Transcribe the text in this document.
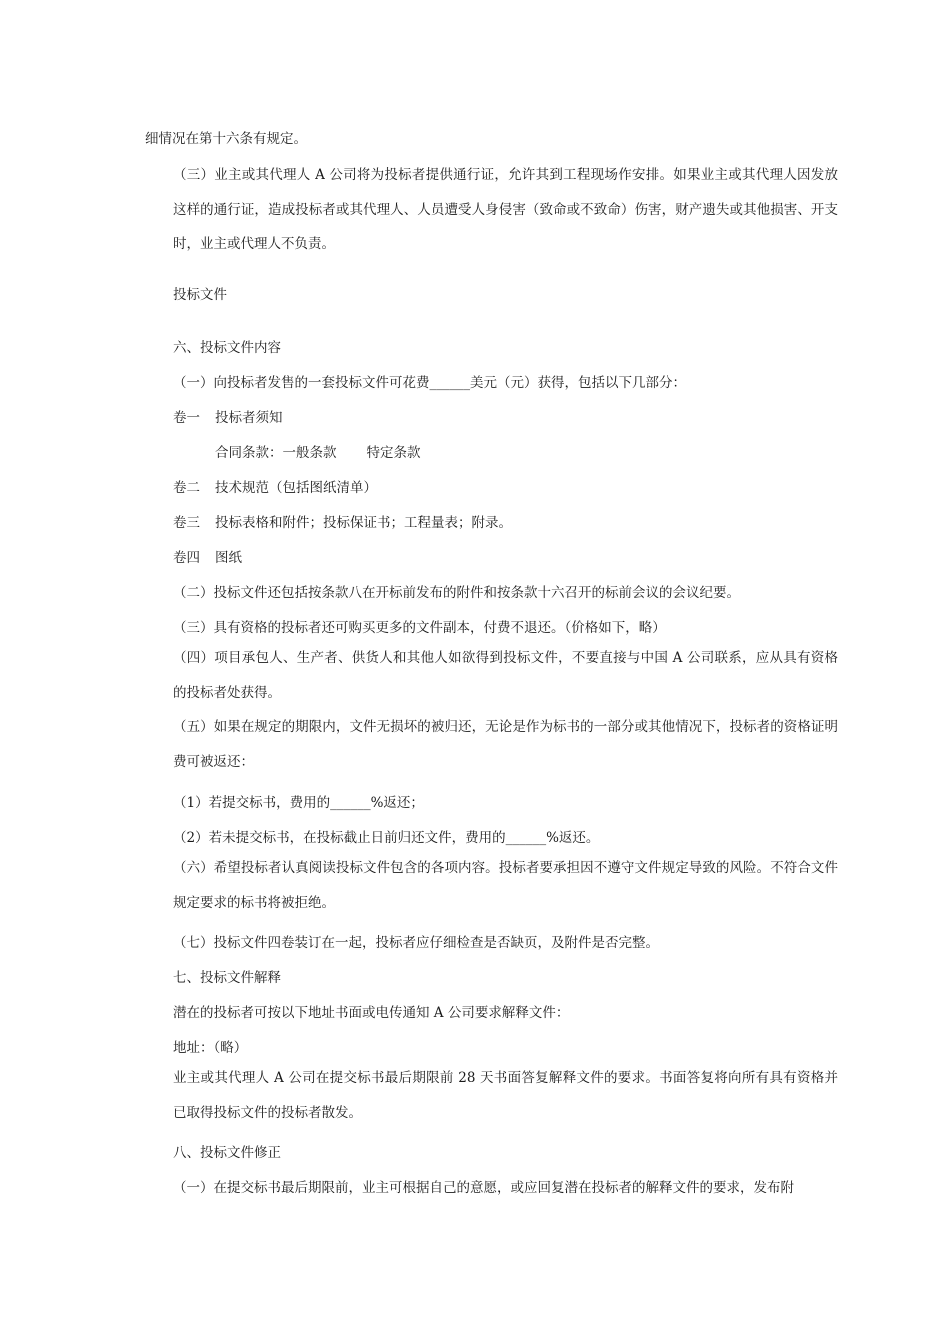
细情况在第十六条有规定。
（三）业主或其代理人 A 公司将为投标者提供通行证，允许其到工程现场作安排。如果业主或其代理人因发放这样的通行证，造成投标者或其代理人、人员遭受人身侵害（致命或不致命）伤害，财产遗失或其他损害、开支时，业主或代理人不负责。
投标文件
六、投标文件内容
（一）向投标者发售的一套投标文件可花费______美元（元）获得，包括以下几部分：
卷一 投标者须知
合同条款：一般条款 特定条款
卷二 技术规范（包括图纸清单）
卷三 投标表格和附件；投标保证书；工程量表；附录。
卷四 图纸
（二）投标文件还包括按条款八在开标前发布的附件和按条款十六召开的标前会议的会议纪要。
（三）具有资格的投标者还可购买更多的文件副本，付费不退还。（价格如下，略）
（四）项目承包人、生产者、供货人和其他人如欲得到投标文件，不要直接与中国 A 公司联系，应从具有资格的投标者处获得。
（五）如果在规定的期限内，文件无损坏的被归还，无论是作为标书的一部分或其他情况下，投标者的资格证明费可被返还：
（1）若提交标书，费用的______%返还；
（2）若未提交标书，在投标截止日前归还文件，费用的______%返还。
（六）希望投标者认真阅读投标文件包含的各项内容。投标者要承担因不遵守文件规定导致的风险。不符合文件规定要求的标书将被拒绝。
（七）投标文件四卷装订在一起，投标者应仔细检查是否缺页，及附件是否完整。
七、投标文件解释
潜在的投标者可按以下地址书面或电传通知 A 公司要求解释文件：
地址：（略）
业主或其代理人 A 公司在提交标书最后期限前 28 天书面答复解释文件的要求。书面答复将向所有具有资格并已取得投标文件的投标者散发。
八、投标文件修正
（一）在提交标书最后期限前，业主可根据自己的意愿，或应回复潜在投标者的解释文件的要求，发布附
